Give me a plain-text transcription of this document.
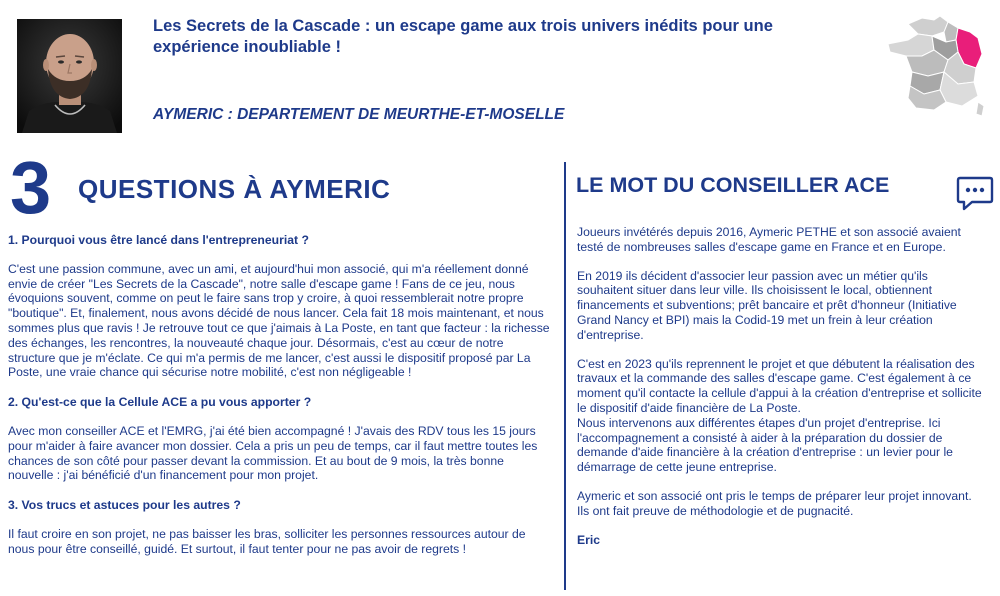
Les Secrets de la Cascade : un escape game aux trois univers inédits pour une expérience inoubliable !
AYMERIC : DEPARTEMENT DE MEURTHE-ET-MOSELLE
3 QUESTIONS À AYMERIC

1. Pourquoi vous être lancé dans l'entrepreneuriat ?

C'est une passion commune, avec un ami, et aujourd'hui mon associé, qui m'a réellement donné envie de créer "Les Secrets de la Cascade", notre salle d'escape game ! Fans de ce jeu, nous évoquions souvent, comme on peut le faire sans trop y croire, à quoi ressemblerait notre propre "boutique". Et, finalement, nous avons décidé de nous lancer. Cela fait 18 mois maintenant, et nous sommes plus que ravis ! Je retrouve tout ce que j'aimais à La Poste, en tant que facteur : la richesse des échanges, les rencontres, la nouveauté chaque jour. Désormais, c'est au cœur de notre structure que je m'éclate. Ce qui m'a permis de me lancer, c'est aussi le dispositif proposé par La Poste, une vraie chance qui sécurise notre mobilité, c'est non négligeable !

2. Qu'est-ce que la Cellule ACE a pu vous apporter ?

Avec mon conseiller ACE et l'EMRG, j'ai été bien accompagné ! J'avais des RDV tous les 15 jours pour m'aider à faire avancer mon dossier. Cela a pris un peu de temps, car il faut mettre toutes les chances de son côté pour passer devant la commission. Et au bout de 9 mois, la très bonne nouvelle : j'ai bénéficié d'un financement pour mon projet.

3. Vos trucs et astuces pour les autres ?

Il faut croire en son projet, ne pas baisser les bras, solliciter les personnes ressources autour de nous pour être conseillé, guidé. Et surtout, il faut tenter pour ne pas avoir de regrets !

LE MOT DU CONSEILLER ACE

Joueurs invétérés depuis 2016, Aymeric PETHE et son associé avaient testé de nombreuses salles d'escape game en France et en Europe.

En 2019 ils décident d'associer leur passion avec un métier qu'ils souhaitent situer dans leur ville. Ils choisissent le local, obtiennent financements et subventions; prêt bancaire et prêt d'honneur (Initiative Grand Nancy et BPI) mais la Codid-19 met un frein à leur création d'entreprise.

C'est en 2023 qu'ils reprennent le projet et que débutent la réalisation des travaux et la commande des salles d'escape game. C'est également à ce moment qu'il contacte la cellule d'appui à la création d'entreprise et sollicite le dispositif d'aide financière de La Poste.

Nous intervenons aux différentes étapes d'un projet d'entreprise. Ici l'accompagnement a consisté à aider à la préparation du dossier de demande d'aide financière à la création d'entreprise : un levier pour le démarrage de cette jeune entreprise.

Aymeric et son associé ont pris le temps de préparer leur projet innovant. Ils ont fait preuve de méthodologie et de pugnacité.

Eric
